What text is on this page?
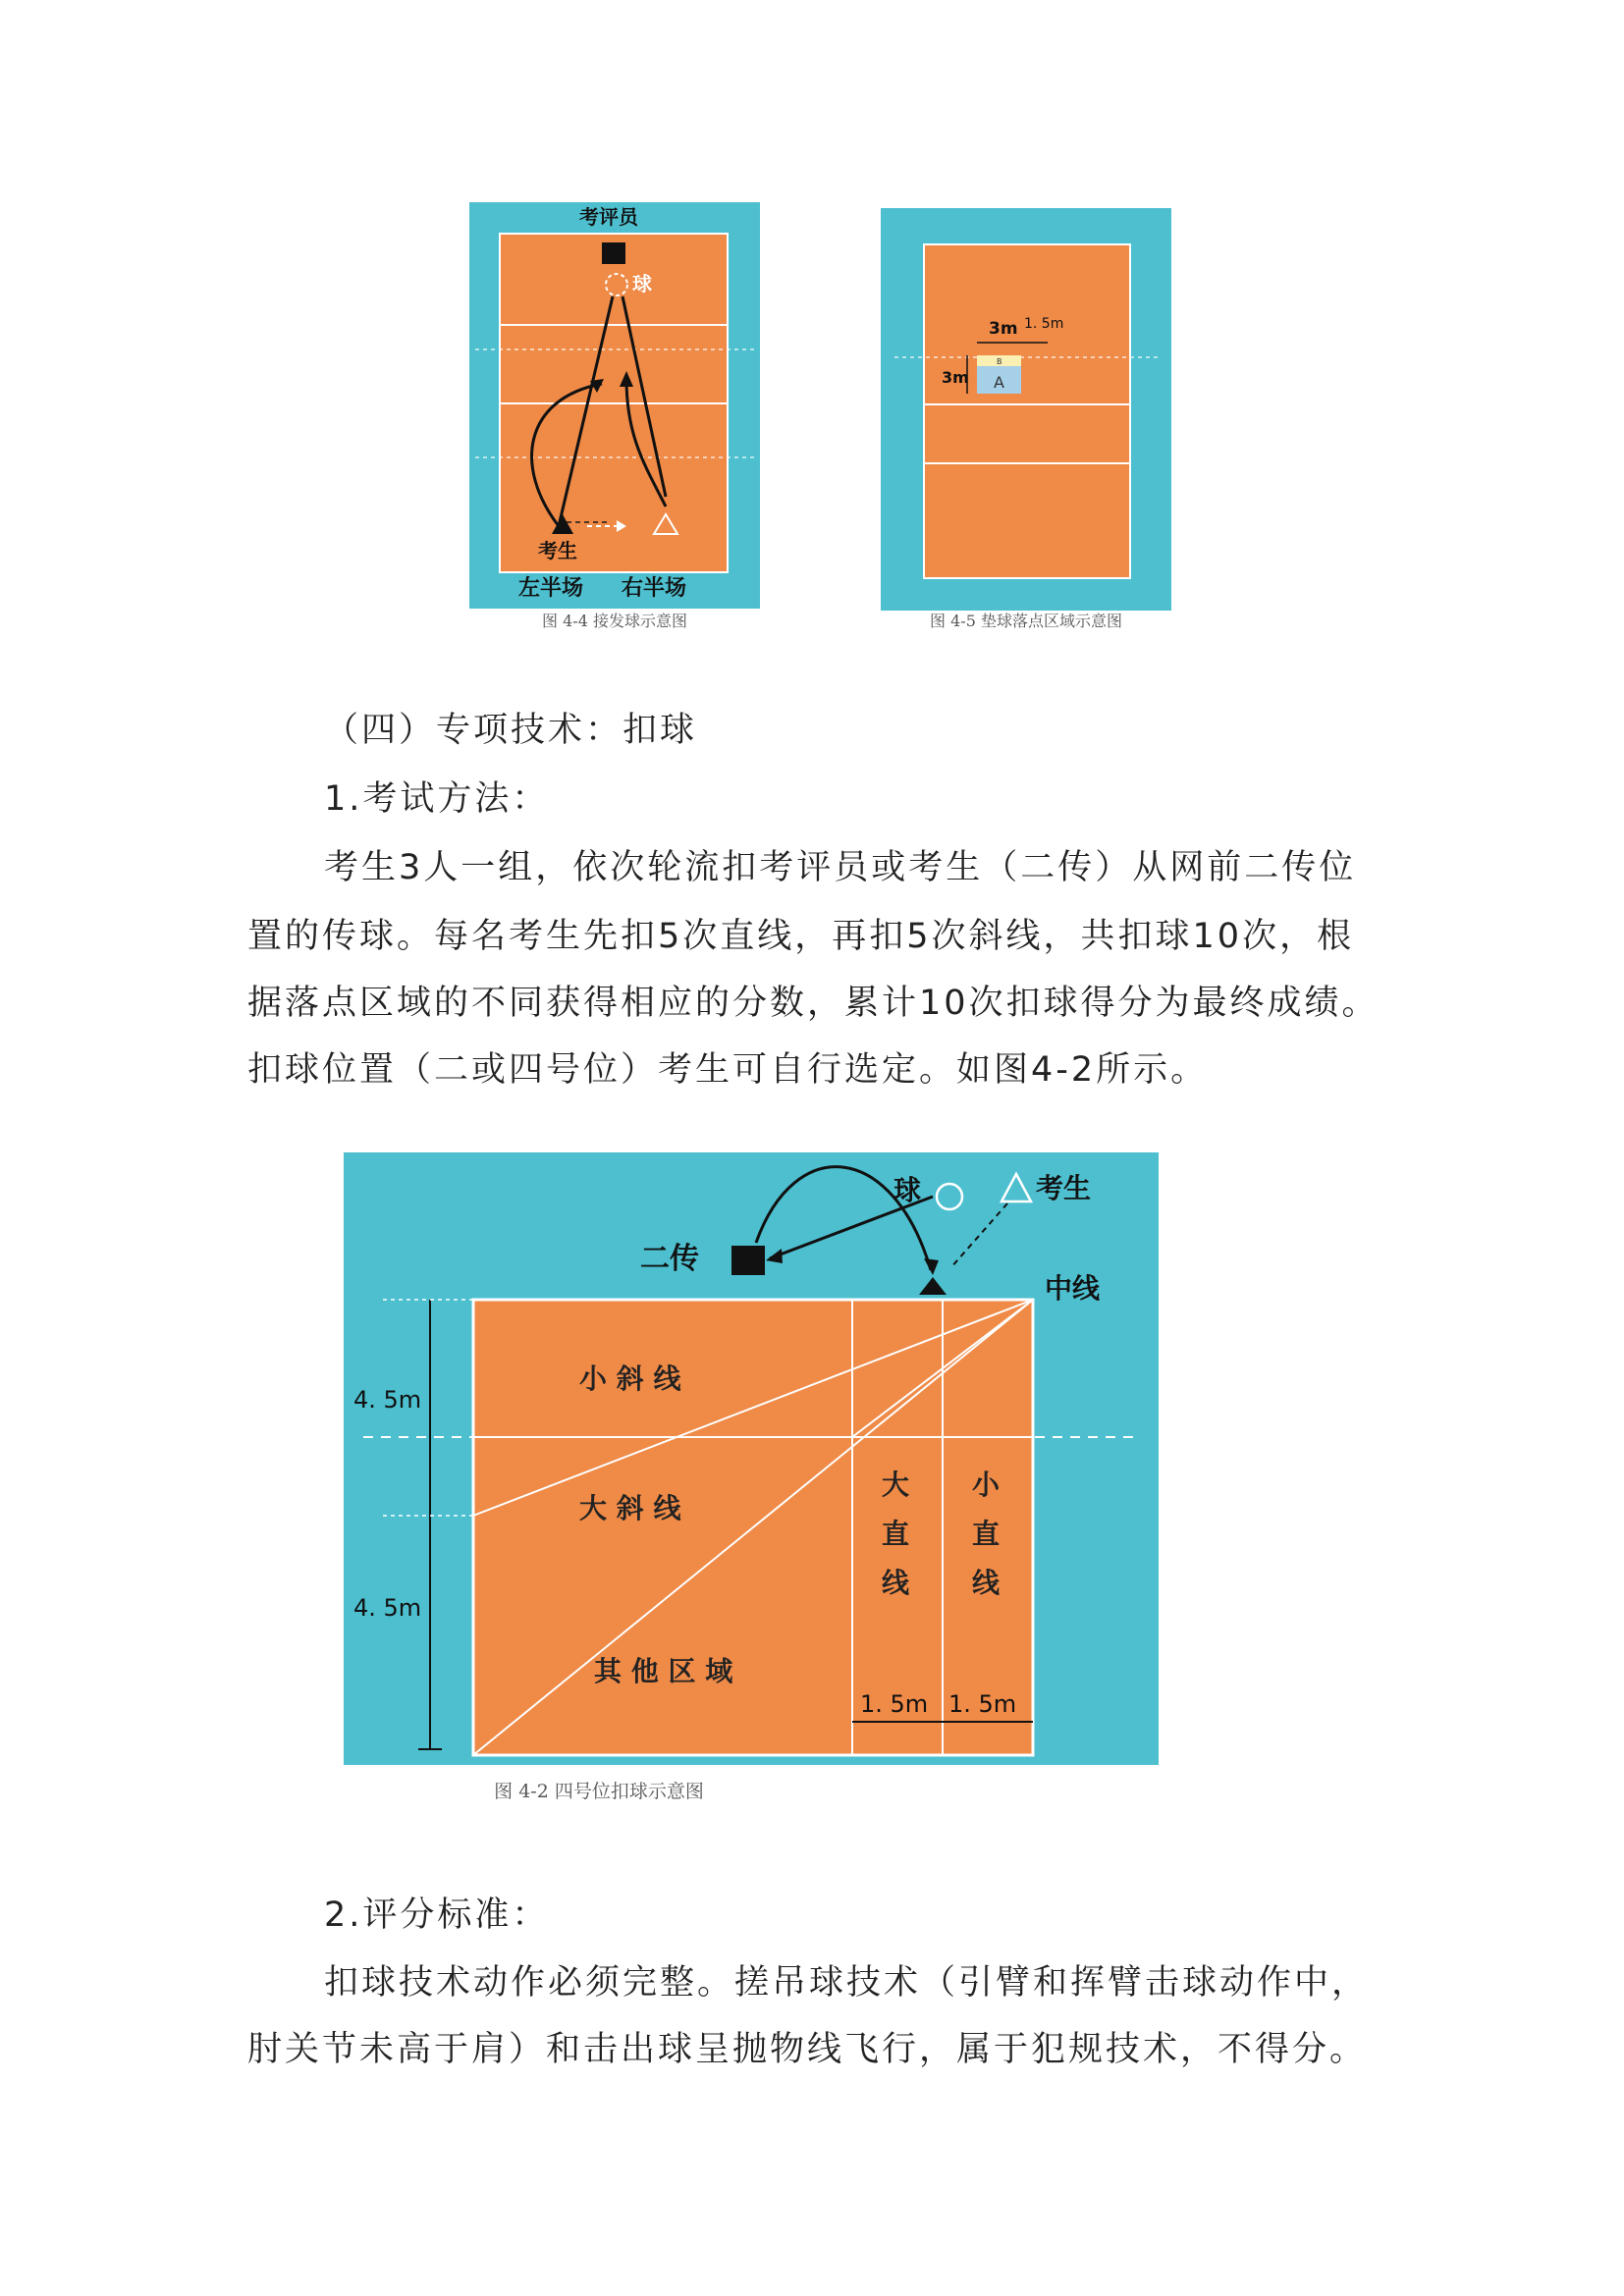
考评员
球
考生
左半场 右半场
图 4-4 接发球示意图
B
A
3m 1. 5m
3m
图 4-5 垫球落点区域示意图
（四）专项技术：扣球
1.考试方法：
考生3人一组，依次轮流扣考评员或考生（二传）从网前二传位
置的传球。每名考生先扣5次直线，再扣5次斜线，共扣球10次，根
据落点区域的不同获得相应的分数，累计10次扣球得分为最终成绩。
扣球位置（二或四号位）考生可自行选定。如图4-2所示。
4. 5m
4. 5m
1. 5m 1. 5m
小 斜 线
大 斜 线
其 他 区 域
大
直
线
小
直
线
二传
球	考生
中线
图 4-2 四号位扣球示意图
2.评分标准：
扣球技术动作必须完整。搓吊球技术（引臂和挥臂击球动作中，
肘关节未高于肩）和击出球呈抛物线飞行，属于犯规技术，不得分。
